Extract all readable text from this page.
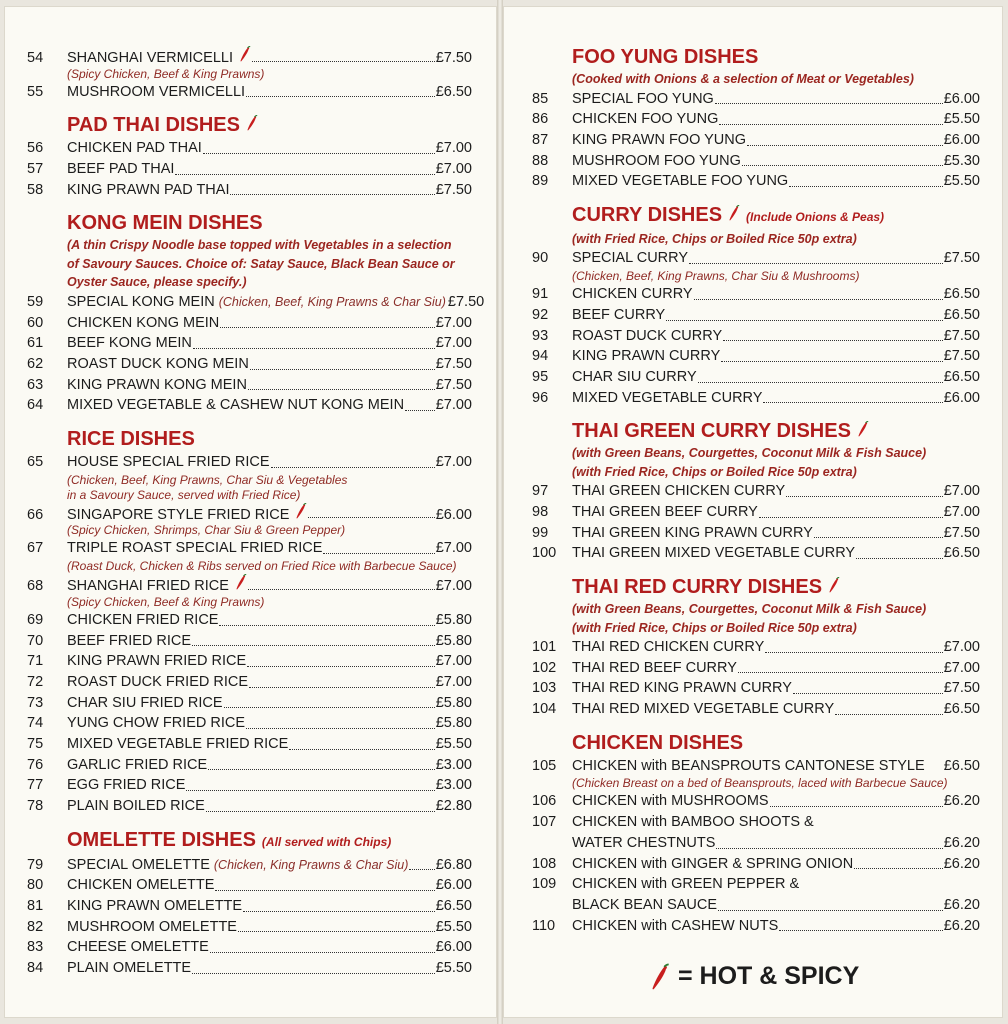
54	SHANGHAI VERMICELLI	£7.50
(Spicy Chicken, Beef & King Prawns)
55	MUSHROOM VERMICELLI	£6.50
PAD THAI DISHES
56	CHICKEN PAD THAI	£7.00
57	BEEF PAD THAI	£7.00
58	KING PRAWN PAD THAI	£7.50
KONG MEIN DISHES
(A thin Crispy Noodle base topped with Vegetables in a selection
of Savoury Sauces. Choice of: Satay Sauce, Black Bean Sauce or
Oyster Sauce, please specify.)
59	SPECIAL KONG MEIN (Chicken, Beef, King Prawns & Char Siu) £7.50
60	CHICKEN KONG MEIN	£7.00
61	BEEF KONG MEIN	£7.00
62	ROAST DUCK KONG MEIN	£7.50
63	KING PRAWN KONG MEIN	£7.50
64	MIXED VEGETABLE & CASHEW NUT KONG MEIN £7.00
RICE DISHES
65	HOUSE SPECIAL FRIED RICE	£7.00
(Chicken, Beef, King Prawns, Char Siu & Vegetables
in a Savoury Sauce, served with Fried Rice)
66	SINGAPORE STYLE FRIED RICE	£6.00
(Spicy Chicken, Shrimps, Char Siu & Green Pepper)
67	TRIPLE ROAST SPECIAL FRIED RICE	£7.00
(Roast Duck, Chicken & Ribs served on Fried Rice with Barbecue Sauce)
68	SHANGHAI FRIED RICE	£7.00
(Spicy Chicken, Beef & King Prawns)
69	CHICKEN FRIED RICE	£5.80
70	BEEF FRIED RICE	£5.80
71	KING PRAWN FRIED RICE	£7.00
72	ROAST DUCK FRIED RICE	£7.00
73	CHAR SIU FRIED RICE	£5.80
74	YUNG CHOW FRIED RICE	£5.80
75	MIXED VEGETABLE FRIED RICE	£5.50
76	GARLIC FRIED RICE	£3.00
77	EGG FRIED RICE	£3.00
78	PLAIN BOILED RICE	£2.80
OMELETTE DISHES (All served with Chips)
79	SPECIAL OMELETTE (Chicken, King Prawns & Char Siu) £6.80
80	CHICKEN OMELETTE	£6.00
81	KING PRAWN OMELETTE	£6.50
82	MUSHROOM OMELETTE	£5.50
83	CHEESE OMELETTE	£6.00
84	PLAIN OMELETTE	£5.50
FOO YUNG DISHES
(Cooked with Onions & a selection of Meat or Vegetables)
85	SPECIAL FOO YUNG	£6.00
86	CHICKEN FOO YUNG	£5.50
87	KING PRAWN FOO YUNG	£6.00
88	MUSHROOM FOO YUNG	£5.30
89	MIXED VEGETABLE FOO YUNG	£5.50
CURRY DISHES (Include Onions & Peas)
(with Fried Rice, Chips or Boiled Rice 50p extra)
90	SPECIAL CURRY	£7.50
(Chicken, Beef, King Prawns, Char Siu & Mushrooms)
91	CHICKEN CURRY	£6.50
92	BEEF CURRY	£6.50
93	ROAST DUCK CURRY	£7.50
94	KING PRAWN CURRY	£7.50
95	CHAR SIU CURRY	£6.50
96	MIXED VEGETABLE CURRY	£6.00
THAI GREEN CURRY DISHES
(with Green Beans, Courgettes, Coconut Milk & Fish Sauce)
(with Fried Rice, Chips or Boiled Rice 50p extra)
97	THAI GREEN CHICKEN CURRY	£7.00
98	THAI GREEN BEEF CURRY	£7.00
99	THAI GREEN KING PRAWN CURRY	£7.50
100	THAI GREEN MIXED VEGETABLE CURRY	£6.50
THAI RED CURRY DISHES
(with Green Beans, Courgettes, Coconut Milk & Fish Sauce)
(with Fried Rice, Chips or Boiled Rice 50p extra)
101	THAI RED CHICKEN CURRY	£7.00
102	THAI RED BEEF CURRY	£7.00
103	THAI RED KING PRAWN CURRY	£7.50
104	THAI RED MIXED VEGETABLE CURRY	£6.50
CHICKEN DISHES
105	CHICKEN with BEANSPROUTS CANTONESE STYLE £6.50
(Chicken Breast on a bed of Beansprouts, laced with Barbecue Sauce)
106	CHICKEN with MUSHROOMS	£6.20
107	CHICKEN with BAMBOO SHOOTS &
WATER CHESTNUTS	£6.20
108	CHICKEN with GINGER & SPRING ONION	£6.20
109	CHICKEN with GREEN PEPPER &
BLACK BEAN SAUCE	£6.20
110	CHICKEN with CASHEW NUTS	£6.20
= HOT & SPICY
